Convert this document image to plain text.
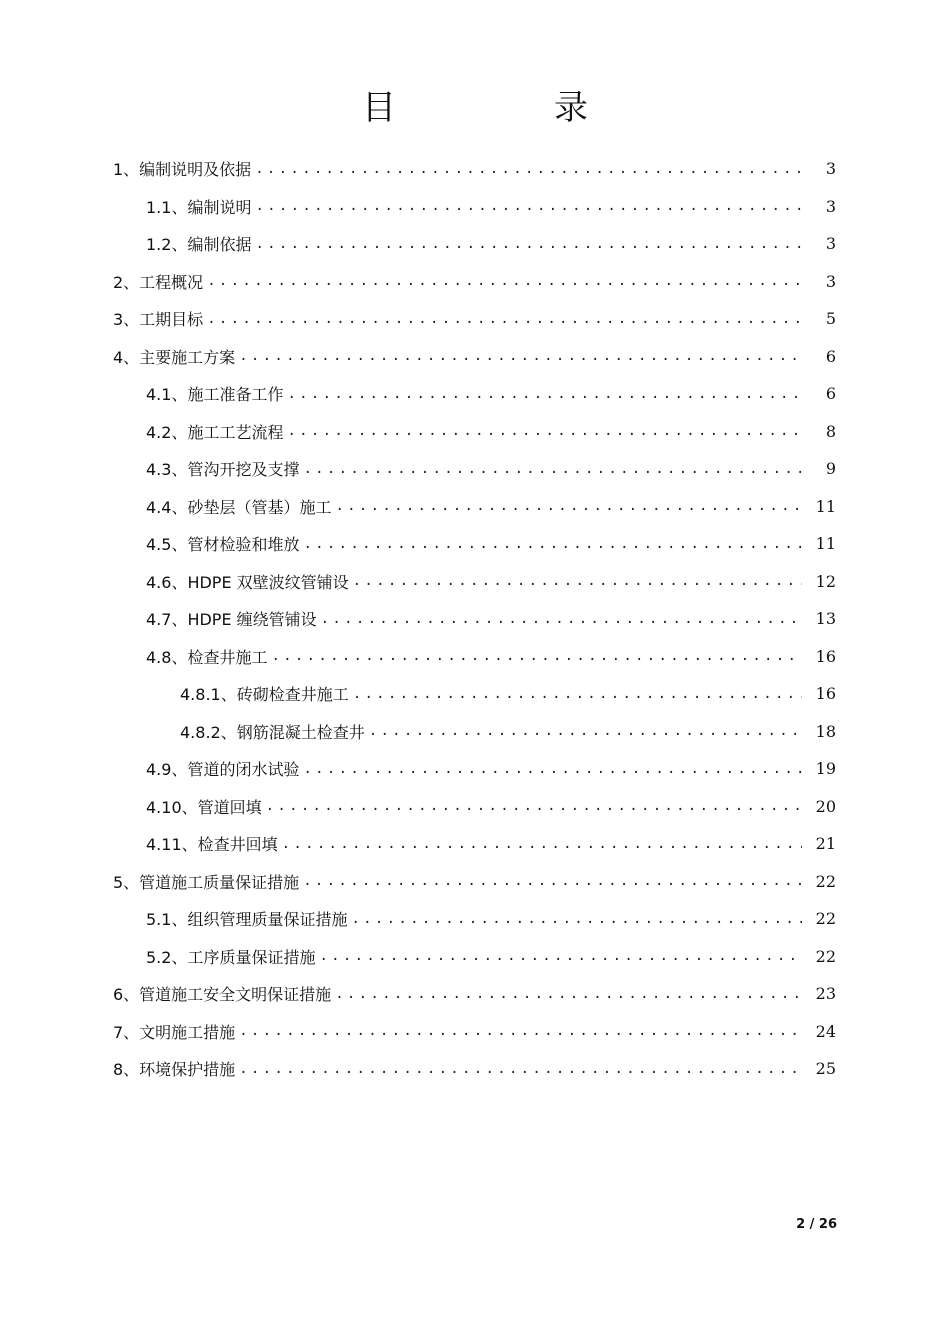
目　录
1、编制说明及依据 .....	3
1.1、编制说明 .....	3
1.2、编制依据 .....	3
2、工程概况 .....	3
3、工期目标 .....	5
4、主要施工方案 .....	6
4.1、施工准备工作 .....	6
4.2、施工工艺流程 .....	8
4.3、管沟开挖及支撑 .....	9
4.4、砂垫层（管基）施工 .....	11
4.5、管材检验和堆放 .....	11
4.6、HDPE 双壁波纹管铺设 .....	12
4.7、HDPE 缠绕管铺设 .....	13
4.8、检查井施工 .....	16
4.8.1、砖砌检查井施工 .....	16
4.8.2、钢筋混凝土检查井 .....	18
4.9、管道的闭水试验 .....	19
4.10、管道回填 .....	20
4.11、检查井回填 .....	21
5、管道施工质量保证措施 .....	22
5.1、组织管理质量保证措施 .....	22
5.2、工序质量保证措施 .....	22
6、管道施工安全文明保证措施 .....	23
7、文明施工措施 .....	24
8、环境保护措施 .....	25
2 / 26
